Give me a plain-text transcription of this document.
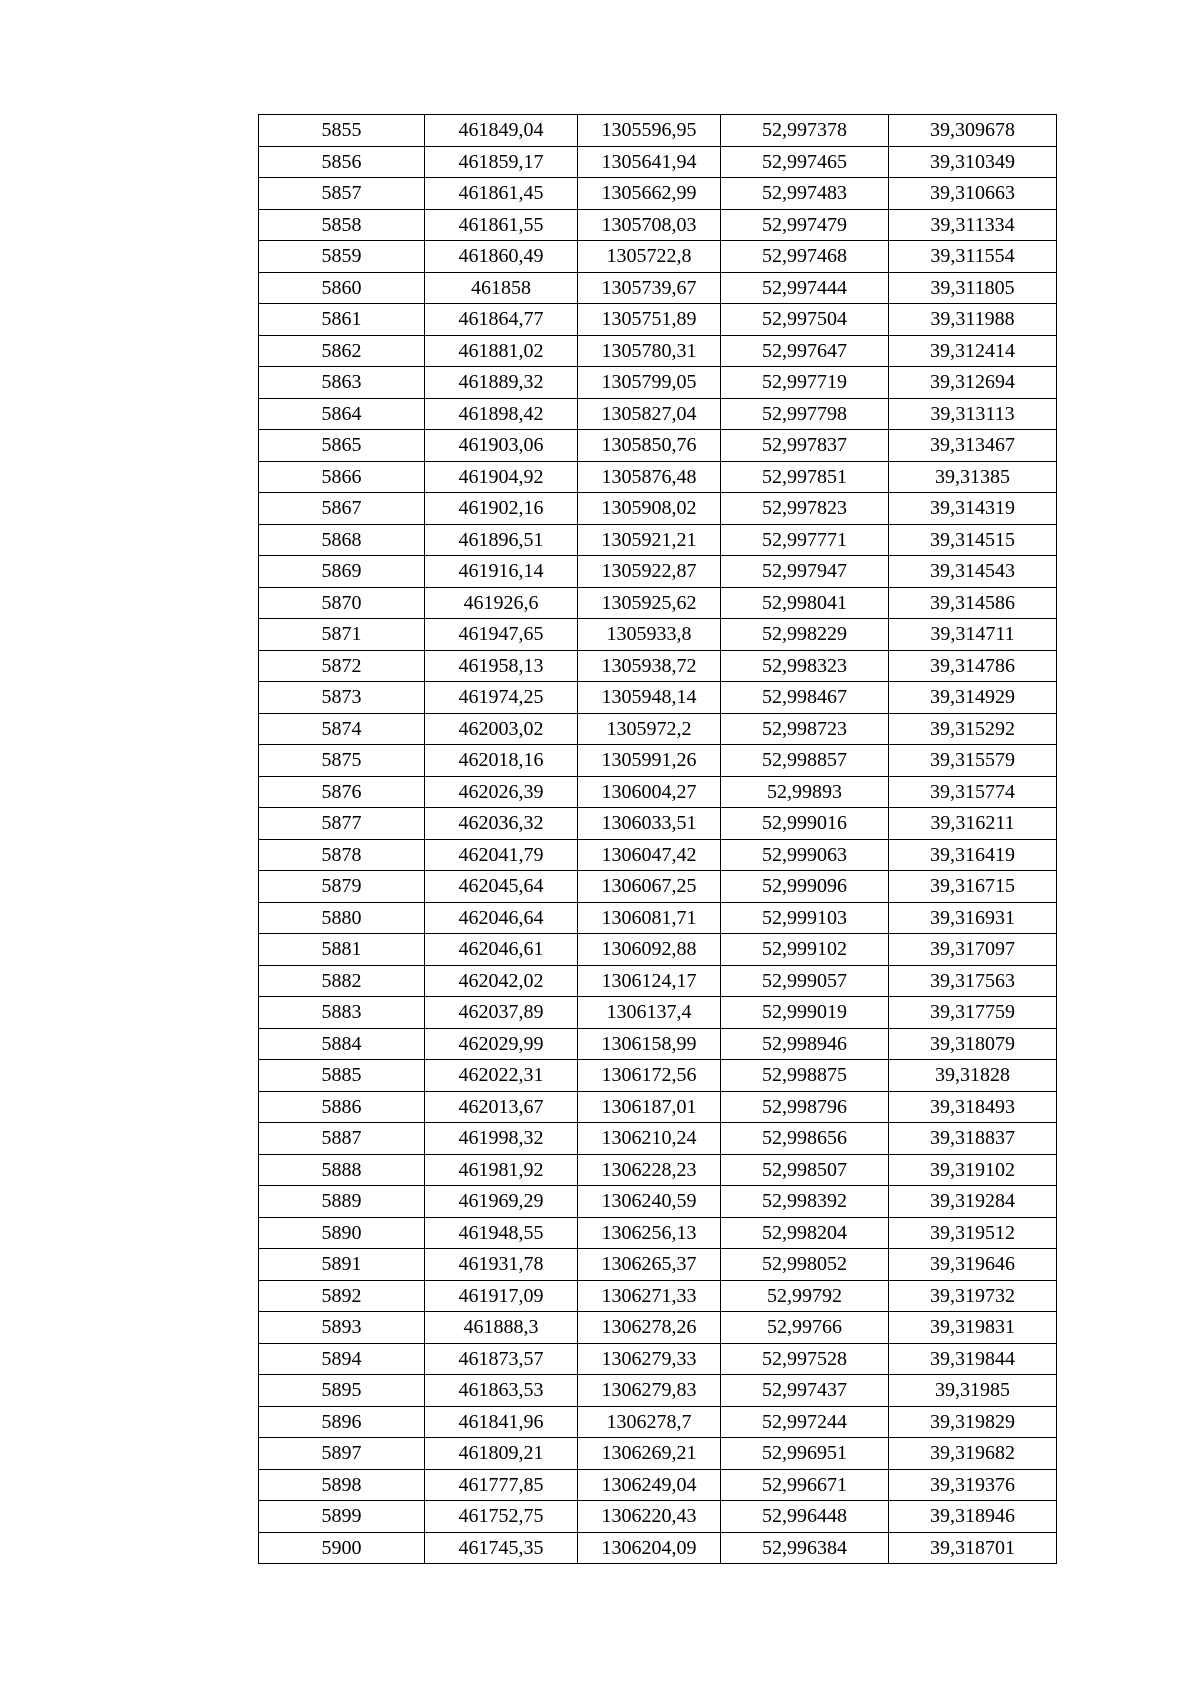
5855	461849,04	1305596,95	52,997378	39,309678
5856	461859,17	1305641,94	52,997465	39,310349
5857	461861,45	1305662,99	52,997483	39,310663
5858	461861,55	1305708,03	52,997479	39,311334
5859	461860,49	1305722,8	52,997468	39,311554
5860	461858	1305739,67	52,997444	39,311805
5861	461864,77	1305751,89	52,997504	39,311988
5862	461881,02	1305780,31	52,997647	39,312414
5863	461889,32	1305799,05	52,997719	39,312694
5864	461898,42	1305827,04	52,997798	39,313113
5865	461903,06	1305850,76	52,997837	39,313467
5866	461904,92	1305876,48	52,997851	39,31385
5867	461902,16	1305908,02	52,997823	39,314319
5868	461896,51	1305921,21	52,997771	39,314515
5869	461916,14	1305922,87	52,997947	39,314543
5870	461926,6	1305925,62	52,998041	39,314586
5871	461947,65	1305933,8	52,998229	39,314711
5872	461958,13	1305938,72	52,998323	39,314786
5873	461974,25	1305948,14	52,998467	39,314929
5874	462003,02	1305972,2	52,998723	39,315292
5875	462018,16	1305991,26	52,998857	39,315579
5876	462026,39	1306004,27	52,99893	39,315774
5877	462036,32	1306033,51	52,999016	39,316211
5878	462041,79	1306047,42	52,999063	39,316419
5879	462045,64	1306067,25	52,999096	39,316715
5880	462046,64	1306081,71	52,999103	39,316931
5881	462046,61	1306092,88	52,999102	39,317097
5882	462042,02	1306124,17	52,999057	39,317563
5883	462037,89	1306137,4	52,999019	39,317759
5884	462029,99	1306158,99	52,998946	39,318079
5885	462022,31	1306172,56	52,998875	39,31828
5886	462013,67	1306187,01	52,998796	39,318493
5887	461998,32	1306210,24	52,998656	39,318837
5888	461981,92	1306228,23	52,998507	39,319102
5889	461969,29	1306240,59	52,998392	39,319284
5890	461948,55	1306256,13	52,998204	39,319512
5891	461931,78	1306265,37	52,998052	39,319646
5892	461917,09	1306271,33	52,99792	39,319732
5893	461888,3	1306278,26	52,99766	39,319831
5894	461873,57	1306279,33	52,997528	39,319844
5895	461863,53	1306279,83	52,997437	39,31985
5896	461841,96	1306278,7	52,997244	39,319829
5897	461809,21	1306269,21	52,996951	39,319682
5898	461777,85	1306249,04	52,996671	39,319376
5899	461752,75	1306220,43	52,996448	39,318946
5900	461745,35	1306204,09	52,996384	39,318701
